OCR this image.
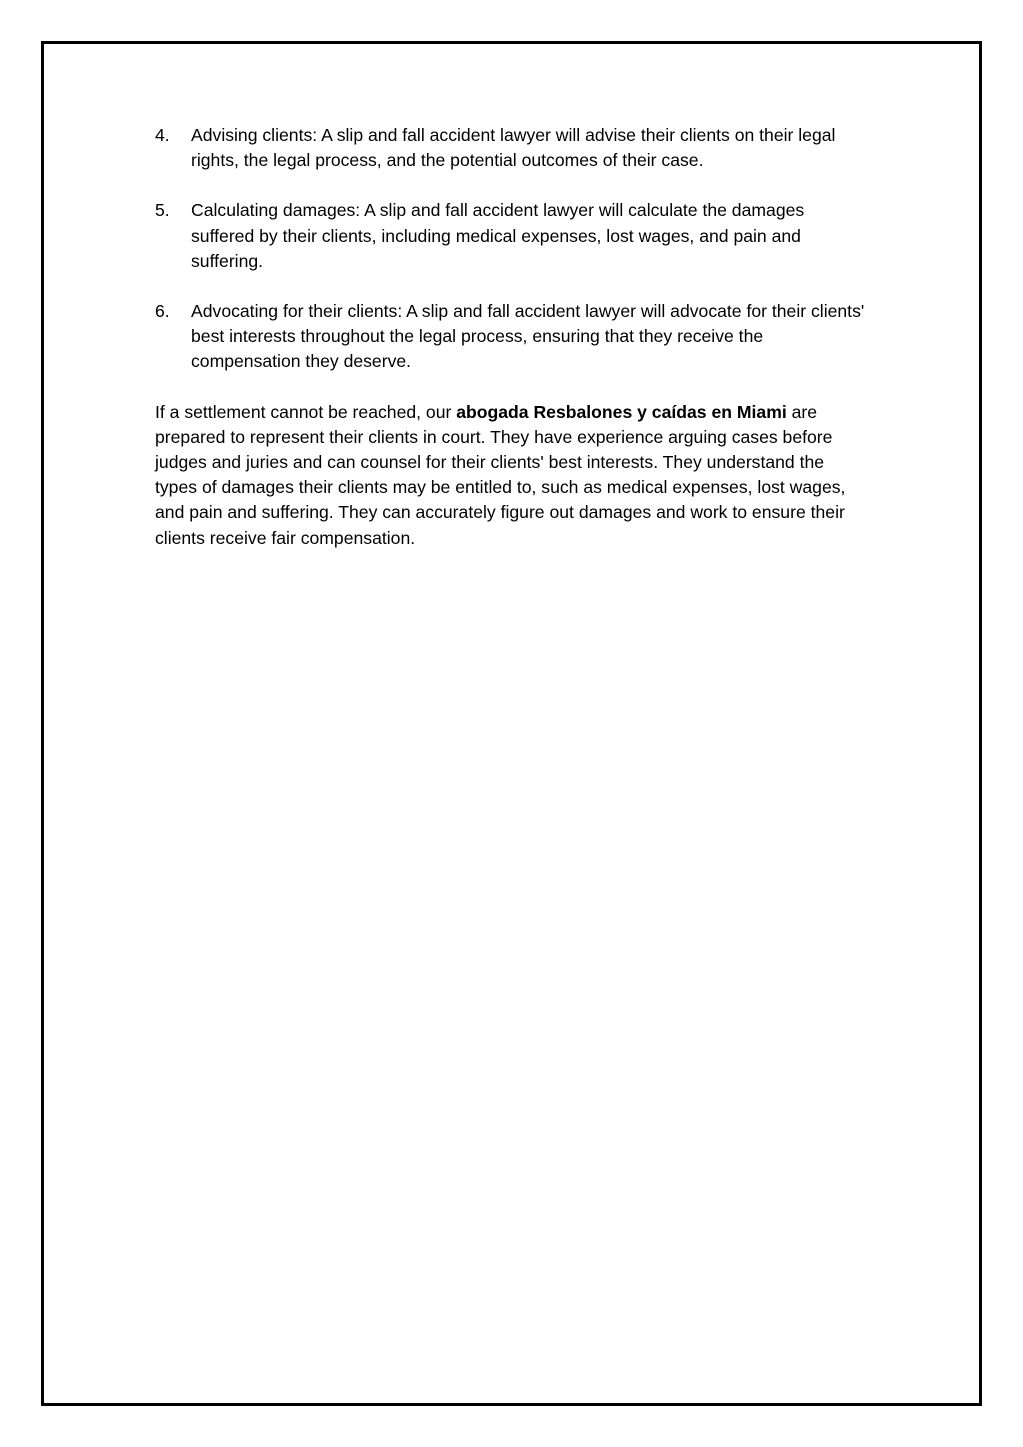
4.	Advising clients: A slip and fall accident lawyer will advise their clients on their legal rights, the legal process, and the potential outcomes of their case.
5.	Calculating damages: A slip and fall accident lawyer will calculate the damages suffered by their clients, including medical expenses, lost wages, and pain and suffering.
6.	Advocating for their clients: A slip and fall accident lawyer will advocate for their clients' best interests throughout the legal process, ensuring that they receive the compensation they deserve.

If a settlement cannot be reached, our abogada Resbalones y caídas en Miami are prepared to represent their clients in court. They have experience arguing cases before judges and juries and can counsel for their clients' best interests. They understand the types of damages their clients may be entitled to, such as medical expenses, lost wages, and pain and suffering. They can accurately figure out damages and work to ensure their clients receive fair compensation.
